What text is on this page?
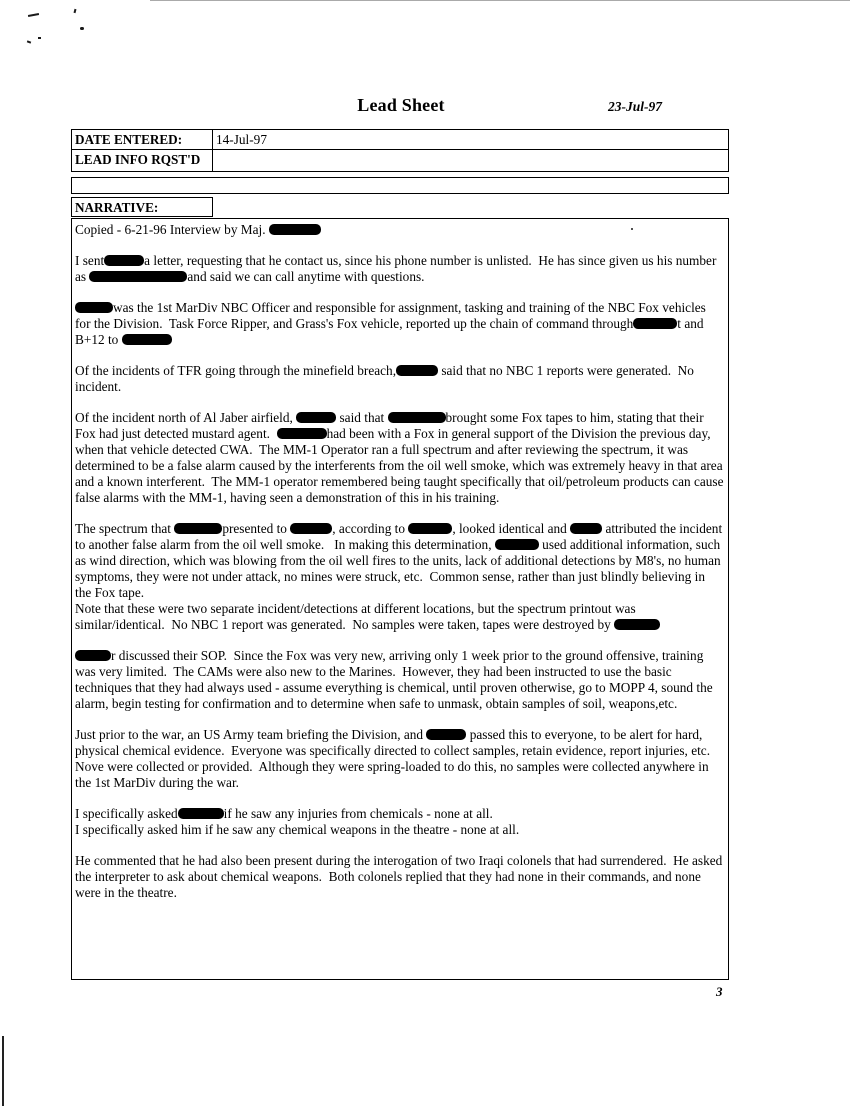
Lead Sheet	23-Jul-97
DATE ENTERED:	14-Jul-97
LEAD INFO RQST'D
NARRATIVE:

Copied - 6-21-96 Interview by Maj.

I sent	a letter, requesting that he contact us, since his phone number is unlisted.  He has since given us his number as	and said we can call anytime with questions.

was the 1st MarDiv NBC Officer and responsible for assignment, tasking and training of the NBC Fox vehicles for the Division.  Task Force Ripper, and Grass's Fox vehicle, reported up the chain of command through	t and B+12 to

Of the incidents of TFR going through the minefield breach,	said that no NBC 1 reports were generated.  No incident.

Of the incident north of Al Jaber airfield,	said that	brought some Fox tapes to him, stating that their Fox had just detected mustard agent.	had been with a Fox in general support of the Division the previous day, when that vehicle detected CWA.  The MM-1 Operator ran a full spectrum and after reviewing the spectrum, it was determined to be a false alarm caused by the interferents from the oil well smoke, which was extremely heavy in that area and a known interferent.  The MM-1 operator remembered being taught specifically that oil/petroleum products can cause false alarms with the MM-1, having seen a demonstration of this in his training.

The spectrum that	presented to	, according to	, looked identical and  attributed the incident to another false alarm from the oil well smoke.   In making this determination,	used additional information, such as wind direction, which was blowing from the oil well fires to the units, lack of additional detections by M8's, no human symptoms, they were not under attack, no mines were struck, etc.  Common sense, rather than just blindly believing in the Fox tape.

Note that these were two separate incident/detections at different locations, but the spectrum printout was similar/identical.  No NBC 1 report was generated.  No samples were taken, tapes were destroyed by

r discussed their SOP.  Since the Fox was very new, arriving only 1 week prior to the ground offensive, training was very limited.  The CAMs were also new to the Marines.  However, they had been instructed to use the basic techniques that they had always used - assume everything is chemical, until proven otherwise, go to MOPP 4, sound the alarm, begin testing for confirmation and to determine when safe to unmask, obtain samples of soil, weapons,etc.

Just prior to the war, an US Army team briefing the Division, and	passed this to everyone, to be alert for hard, physical chemical evidence.  Everyone was specifically directed to collect samples, retain evidence, report injuries, etc.  Nove were collected or provided.  Although they were spring-loaded to do this, no samples were collected anywhere in the 1st MarDiv during the war.

I specifically asked	if he saw any injuries from chemicals - none at all.

I specifically asked him if he saw any chemical weapons in the theatre - none at all.

He commented that he had also been present during the interogation of two Iraqi colonels that had surrendered.  He asked the interpreter to ask about chemical weapons.  Both colonels replied that they had none in their commands, and none were in the theatre.

3
